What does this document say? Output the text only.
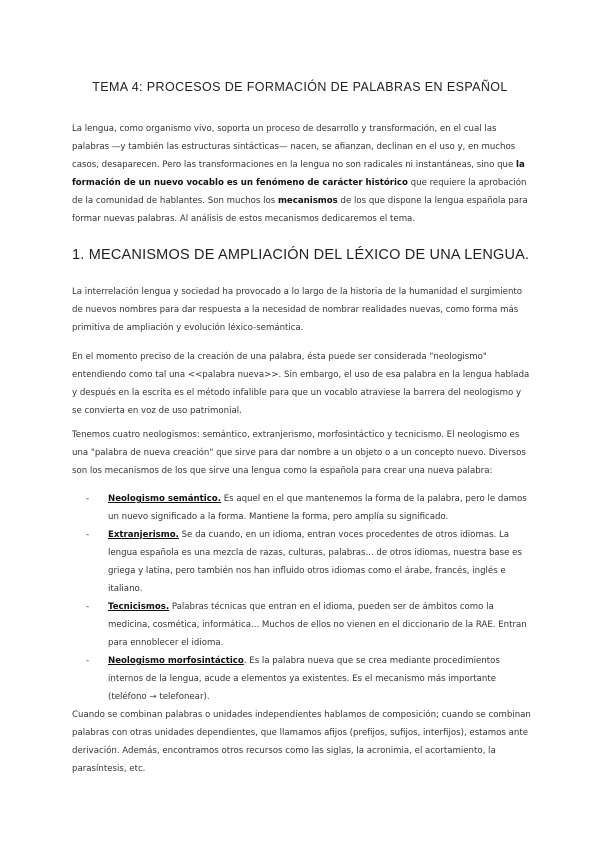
TEMA 4: PROCESOS DE FORMACIÓN DE PALABRAS EN ESPAÑOL

La lengua, como organismo vivo, soporta un proceso de desarrollo y transformación, en el cual las palabras —y también las estructuras sintácticas— nacen, se afianzan, declinan en el uso y, en muchos casos, desaparecen. Pero las transformaciones en la lengua no son radicales ni instantáneas, sino que la formación de un nuevo vocablo es un fenómeno de carácter histórico que requiere la aprobación de la comunidad de hablantes. Son muchos los mecanismos de los que dispone la lengua española para formar nuevas palabras. Al análisis de estos mecanismos dedicaremos el tema.

1. MECANISMOS DE AMPLIACIÓN DEL LÉXICO DE UNA LENGUA.

La interrelación lengua y sociedad ha provocado a lo largo de la historia de la humanidad el surgimiento de nuevos nombres para dar respuesta a la necesidad de nombrar realidades nuevas, como forma más primitiva de ampliación y evolución léxico-semántica.

En el momento preciso de la creación de una palabra, ésta puede ser considerada "neologismo" entendiendo como tal una <<palabra nueva>>. Sin embargo, el uso de esa palabra en la lengua hablada y después en la escrita es el método infalible para que un vocablo atraviese la barrera del neologismo y se convierta en voz de uso patrimonial.

Tenemos cuatro neologismos: semántico, extranjerismo, morfosintáctico y tecnicismo. El neologismo es una "palabra de nueva creación" que sirve para dar nombre a un objeto o a un concepto nuevo. Diversos son los mecanismos de los que sirve una lengua como la española para crear una nueva palabra:

- Neologismo semántico. Es aquel en el que mantenemos la forma de la palabra, pero le damos un nuevo significado a la forma. Mantiene la forma, pero amplía su significado.
- Extranjerismo. Se da cuando, en un idioma, entran voces procedentes de otros idiomas. La lengua española es una mezcla de razas, culturas, palabras... de otros idiomas, nuestra base es griega y latina, pero también nos han influido otros idiomas como el árabe, francés, inglés e italiano.
- Tecnicismos. Palabras técnicas que entran en el idioma, pueden ser de ámbitos como la medicina, cosmética, informática... Muchos de ellos no vienen en el diccionario de la RAE. Entran para ennoblecer el idioma.
- Neologismo morfosintáctico. Es la palabra nueva que se crea mediante procedimientos internos de la lengua, acude a elementos ya existentes. Es el mecanismo más importante (teléfono → telefonear).

Cuando se combinan palabras o unidades independientes hablamos de composición; cuando se combinan palabras con otras unidades dependientes, que llamamos afijos (prefijos, sufijos, interfijos), estamos ante derivación. Además, encontramos otros recursos como las siglas, la acronimia, el acortamiento, la parasíntesis, etc.
